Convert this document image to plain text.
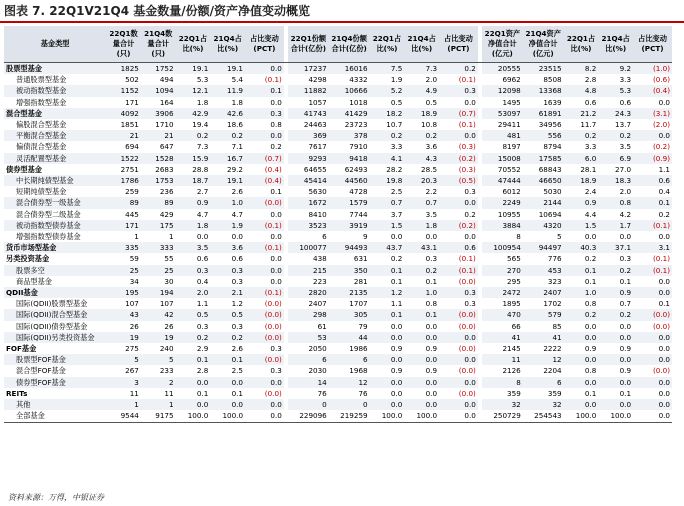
图表 7. 22Q1V21Q4 基金数量/份额/资产净值变动概览
基金类型	22Q1数量合计(只)	21Q4数量合计(只)	22Q1占比(%)	21Q4占比(%)	占比变动(PCT)		22Q1份额合计(亿份)	21Q4份额合计(亿份)	22Q1占比(%)	21Q4占比(%)	占比变动(PCT)		22Q1资产净值合计(亿元)	21Q4资产净值合计(亿元)	22Q1占比(%)	21Q4占比(%)	占比变动(PCT)
股票型基金	1825	1752	19.1	19.1	0.0		17237	16016	7.5	7.3	0.2		20555	23515	8.2	9.2	(1.0)
普通股票型基金	502	494	5.3	5.4	(0.1)		4298	4332	1.9	2.0	(0.1)		6962	8508	2.8	3.3	(0.6)
被动指数型基金	1152	1094	12.1	11.9	0.1		11882	10666	5.2	4.9	0.3		12098	13368	4.8	5.3	(0.4)
增强指数型基金	171	164	1.8	1.8	0.0		1057	1018	0.5	0.5	0.0		1495	1639	0.6	0.6	0.0
混合型基金	4092	3906	42.9	42.6	0.3		41743	41429	18.2	18.9	(0.7)		53097	61891	21.2	24.3	(3.1)
偏股混合型基金	1851	1710	19.4	18.6	0.8		24463	23723	10.7	10.8	(0.1)		29411	34956	11.7	13.7	(2.0)
平衡混合型基金	21	21	0.2	0.2	0.0		369	378	0.2	0.2	0.0		481	556	0.2	0.2	0.0
偏债混合型基金	694	647	7.3	7.1	0.2		7617	7910	3.3	3.6	(0.3)		8197	8794	3.3	3.5	(0.2)
灵活配置型基金	1522	1528	15.9	16.7	(0.7)		9293	9418	4.1	4.3	(0.2)		15008	17585	6.0	6.9	(0.9)
债券型基金	2751	2683	28.8	29.2	(0.4)		64655	62493	28.2	28.5	(0.3)		70552	68843	28.1	27.0	1.1
中长期纯债型基金	1786	1753	18.7	19.1	(0.4)		45414	44560	19.8	20.3	(0.5)		47444	46650	18.9	18.3	0.6
短期纯债型基金	259	236	2.7	2.6	0.1		5630	4728	2.5	2.2	0.3		6012	5030	2.4	2.0	0.4
混合债券型一级基金	89	89	0.9	1.0	(0.0)		1672	1579	0.7	0.7	0.0		2249	2144	0.9	0.8	0.1
混合债券型二级基金	445	429	4.7	4.7	0.0		8410	7744	3.7	3.5	0.2		10955	10694	4.4	4.2	0.2
被动指数型债券基金	171	175	1.8	1.9	(0.1)		3523	3919	1.5	1.8	(0.2)		3884	4320	1.5	1.7	(0.1)
增强指数型债券基金	1	1	0.0	0.0	0.0		6	9	0.0	0.0	0.0		8	5	0.0	0.0	0.0
货币市场型基金	335	333	3.5	3.6	(0.1)		100077	94493	43.7	43.1	0.6		100954	94497	40.3	37.1	3.1
另类投资基金	59	55	0.6	0.6	0.0		438	631	0.2	0.3	(0.1)		565	776	0.2	0.3	(0.1)
股票多空	25	25	0.3	0.3	0.0		215	350	0.1	0.2	(0.1)		270	453	0.1	0.2	(0.1)
商品型基金	34	30	0.4	0.3	0.0		223	281	0.1	0.1	(0.0)		295	323	0.1	0.1	0.0
QDII基金	195	194	2.0	2.1	(0.1)		2820	2135	1.2	1.0	0.3		2472	2407	1.0	0.9	0.0
国际(QDII)股票型基金	107	107	1.1	1.2	(0.0)		2407	1707	1.1	0.8	0.3		1895	1702	0.8	0.7	0.1
国际(QDII)混合型基金	43	42	0.5	0.5	(0.0)		298	305	0.1	0.1	(0.0)		470	579	0.2	0.2	(0.0)
国际(QDII)债券型基金	26	26	0.3	0.3	(0.0)		61	79	0.0	0.0	(0.0)		66	85	0.0	0.0	(0.0)
国际(QDII)另类投资基金	19	19	0.2	0.2	(0.0)		53	44	0.0	0.0	0.0		41	41	0.0	0.0	0.0
FOF基金	275	240	2.9	2.6	0.3		2050	1986	0.9	0.9	(0.0)		2145	2222	0.9	0.9	0.0
股票型FOF基金	5	5	0.1	0.1	(0.0)		6	6	0.0	0.0	0.0		11	12	0.0	0.0	0.0
混合型FOF基金	267	233	2.8	2.5	0.3		2030	1968	0.9	0.9	(0.0)		2126	2204	0.8	0.9	(0.0)
债券型FOF基金	3	2	0.0	0.0	0.0		14	12	0.0	0.0	0.0		8	6	0.0	0.0	0.0
REITs	11	11	0.1	0.1	(0.0)		76	76	0.0	0.0	(0.0)		359	359	0.1	0.1	0.0
其他	1	1	0.0	0.0	0.0		0	0	0.0	0.0	0.0		32	32	0.0	0.0	0.0
全部基金	9544	9175	100.0	100.0	0.0		229096	219259	100.0	100.0	0.0		250729	254543	100.0	100.0	0.0
资料来源：万得，中银证券
